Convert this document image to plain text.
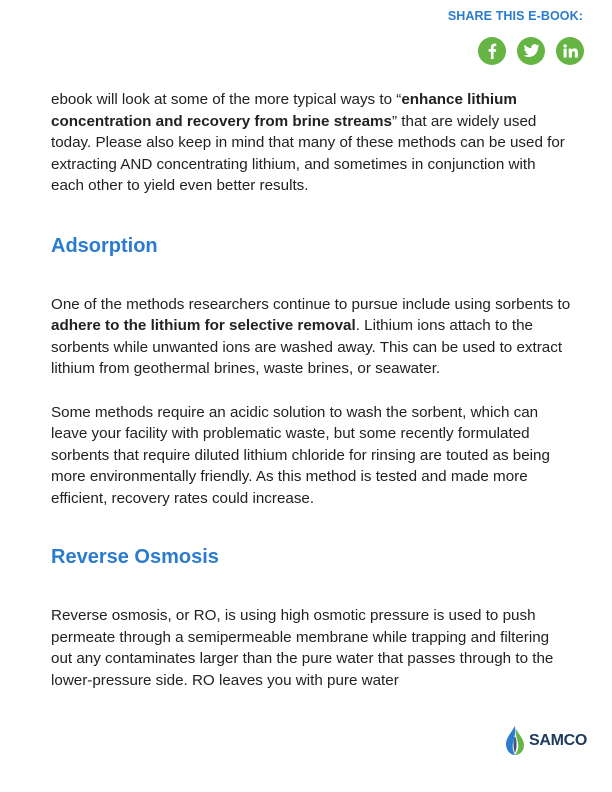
SHARE THIS E-BOOK:

ebook will look at some of the more typical ways to “enhance lithium concentration and recovery from brine streams” that are widely used today. Please also keep in mind that many of these methods can be used for extracting AND concentrating lithium, and sometimes in conjunction with each other to yield even better results.

Adsorption

One of the methods researchers continue to pursue include using sorbents to adhere to the lithium for selective removal. Lithium ions attach to the sorbents while unwanted ions are washed away. This can be used to extract lithium from geothermal brines, waste brines, or seawater.

Some methods require an acidic solution to wash the sorbent, which can leave your facility with problematic waste, but some recently formulated sorbents that require diluted lithium chloride for rinsing are touted as being more environmentally friendly. As this method is tested and made more efficient, recovery rates could increase.

Reverse Osmosis

Reverse osmosis, or RO, is using high osmotic pressure is used to push permeate through a semipermeable membrane while trapping and filtering out any contaminates larger than the pure water that passes through to the lower-pressure side. RO leaves you with pure water

SAMCO
